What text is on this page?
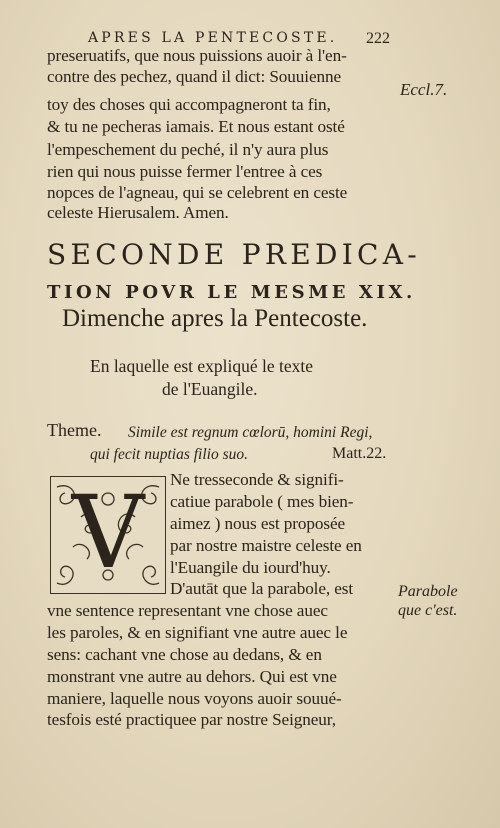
APRES LA PENTECOSTE. 222
preseruatifs, que nous puissions auoir à l'en-
contre des pechez, quand il dict: Souuienne
toy des choses qui accompagneront ta fin,
& tu ne pecheras iamais. Et nous estant osté
l'empeschement du peché, il n'y aura plus
rien qui nous puisse fermer l'entree à ces
nopces de l'agneau, qui se celebrent en ceste
celeste Hierusalem. Amen.
Eccl.7.
SECONDE PREDICA-
TION POVR LE MESME XIX.
Dimenche apres la Pentecoste.
En laquelle est expliqué le texte
de l'Euangile.
Theme. Simile est regnum cœlorū, homini Regi,
qui fecit nuptias filio suo.	Matt.22.
V Ne tresseconde & signifi-
catiue parabole ( mes bien-
aimez ) nous est proposée
par nostre maistre celeste en
l'Euangile du iourd'huy.
D'autāt que la parabole, est
vne sentence representant vne chose auec
les paroles, & en signifiant vne autre auec le
sens: cachant vne chose au dedans, & en
monstrant vne autre au dehors. Qui est vne
maniere, laquelle nous voyons auoir souué-
tesfois esté practiquee par nostre Seigneur,
Parabole
que c'est.
